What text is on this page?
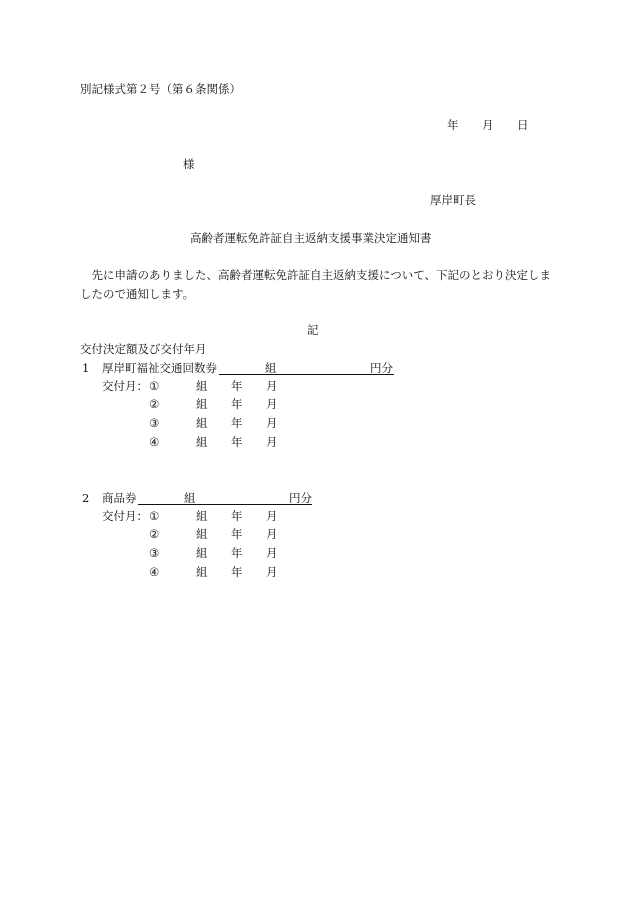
別記様式第２号（第６条関係）
年 月 日
様
厚岸町長
高齢者運転免許証自主返納支援事業決定通知書
先に申請のありました、高齢者運転免許証自主返納支援について、下記のとおり決定しましたので通知します。
記
交付決定額及び交付年月
1 厚岸町福祉交通回数券	組	円分
交付月： ①	組 年 月
②	組 年 月
③	組 年 月
④	組 年 月
2 商品券	組	円分
交付月： ①	組 年 月
②	組 年 月
③	組 年 月
④	組 年 月
